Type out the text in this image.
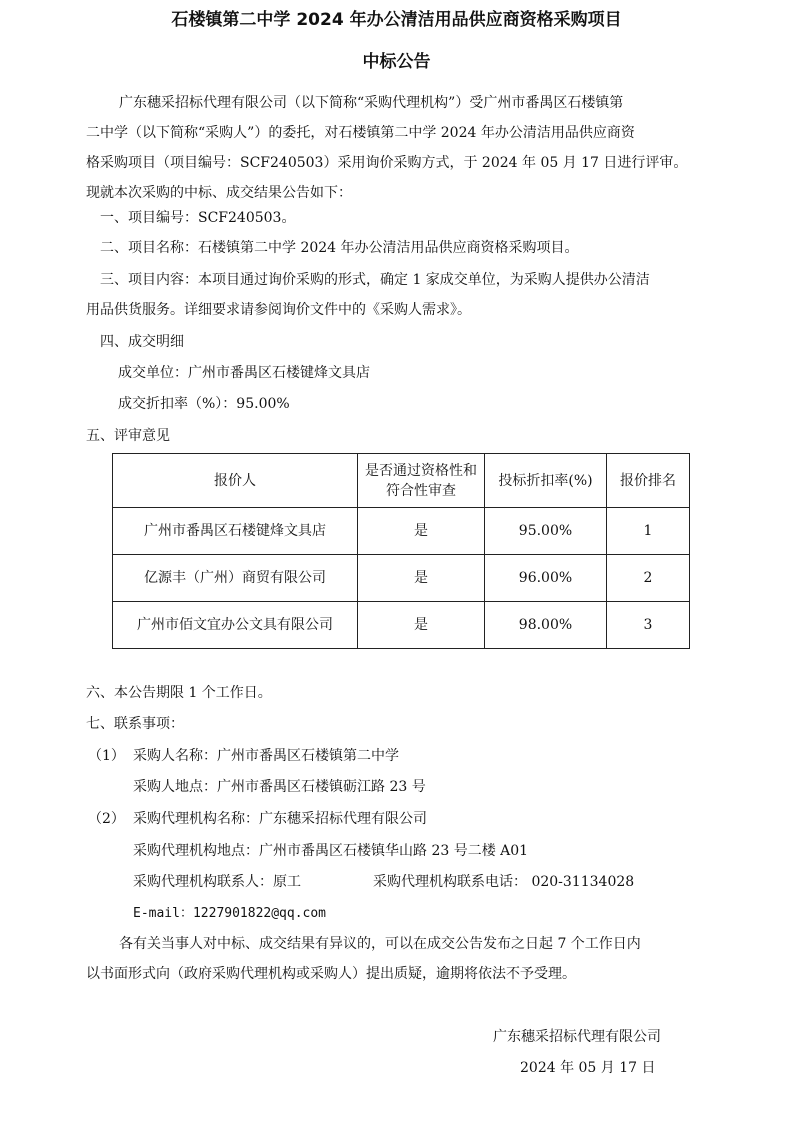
石楼镇第二中学 2024 年办公清洁用品供应商资格采购项目
中标公告
广东穗采招标代理有限公司（以下简称“采购代理机构”）受广州市番禺区石楼镇第
二中学（以下简称“采购人”）的委托，对石楼镇第二中学 2024 年办公清洁用品供应商资
格采购项目（项目编号：SCF240503）采用询价采购方式，于 2024 年 05 月 17 日进行评审。
现就本次采购的中标、成交结果公告如下：
一、项目编号：SCF240503。
二、项目名称：石楼镇第二中学 2024 年办公清洁用品供应商资格采购项目。
三、项目内容：本项目通过询价采购的形式，确定 1 家成交单位，为采购人提供办公清洁
用品供货服务。详细要求请参阅询价文件中的《采购人需求》。
四、成交明细
成交单位：广州市番禺区石楼键烽文具店
成交折扣率（%）：95.00%
五、评审意见
报价人	是否通过资格性和符合性审查	投标折扣率(%)	报价排名
广州市番禺区石楼键烽文具店	是	95.00%	1
亿源丰（广州）商贸有限公司	是	96.00%	2
广州市佰文宜办公文具有限公司	是	98.00%	3
六、本公告期限 1 个工作日。
七、联系事项：
（1） 采购人名称：广州市番禺区石楼镇第二中学
采购人地点：广州市番禺区石楼镇砺江路 23 号
（2） 采购代理机构名称：广东穗采招标代理有限公司
采购代理机构地点：广州市番禺区石楼镇华山路 23 号二楼 A01
采购代理机构联系人：原工	采购代理机构联系电话： 020-31134028
E-mail：1227901822@qq.com
各有关当事人对中标、成交结果有异议的，可以在成交公告发布之日起 7 个工作日内
以书面形式向（政府采购代理机构或采购人）提出质疑，逾期将依法不予受理。
广东穗采招标代理有限公司
2024 年 05 月 17 日
